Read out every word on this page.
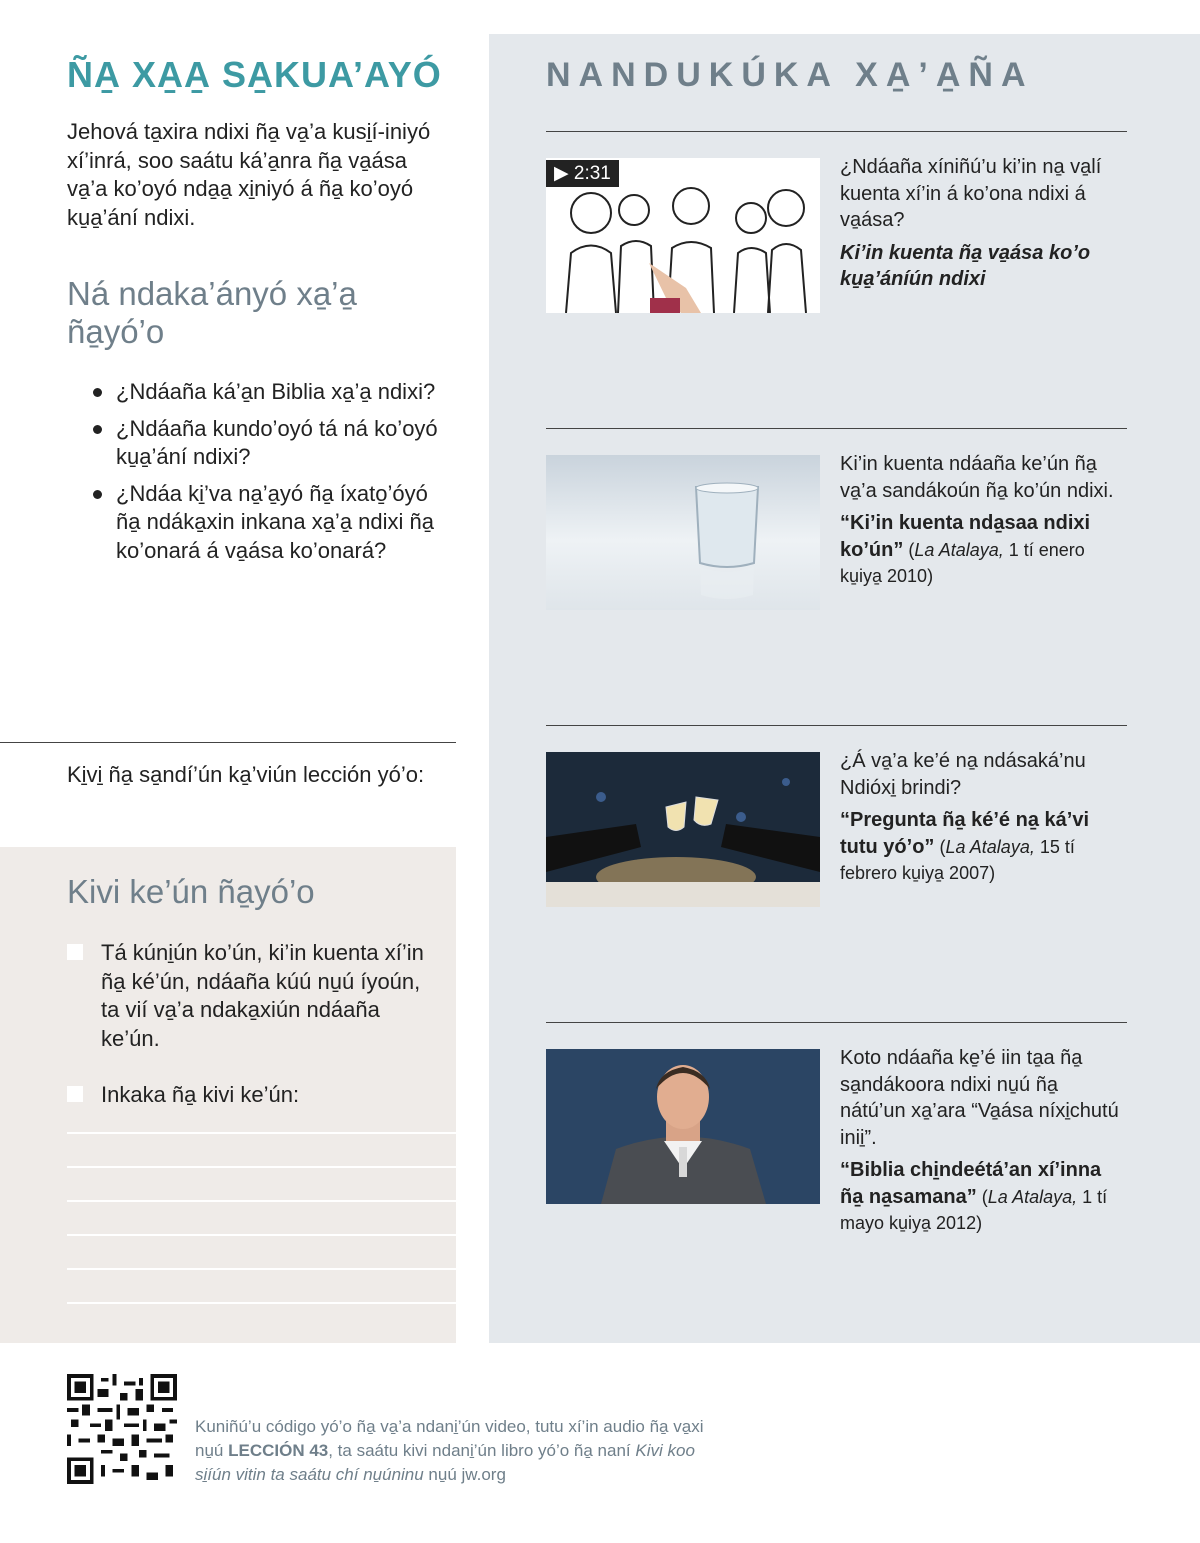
ÑA̱ XA̱A̱ SA̱KUA’AYÓ

Jehová ta̱xira ndixi ña̱ va̱’a kusi̱í-iniyó xí’inrá, soo saátu ká’a̱nra ña̱ va̱ása va̱’a ko’oyó nda̱a̱ xi̱niyó á ña̱ ko’oyó ku̱a̱’ání ndixi.

Ná ndaka’ányó xa̱’a̱ ña̱yó’o
¿Ndáaña ká’a̱n Biblia xa̱’a̱ ndixi?
¿Ndáaña kundo’oyó tá ná ko’oyó ku̱a̱’ání ndixi?
¿Ndáa ki̱’va na̱’a̱yó ña̱ íxato̱’óyó ña̱ ndáka̱xin inkana xa̱’a̱ ndixi ña̱ ko’onará á va̱ása ko’onará?

Ki̱vi̱ ña̱ sa̱ndí’ún ka̱’viún lección yó’o:

Kivi ke’ún ña̱yó’o
Tá kúni̱ún ko’ún, ki’in kuenta xí’in ña̱ ké’ún, ndáaña kúú nu̱ú íyoún, ta vií va̱’a ndaka̱xiún ndáaña ke’ún.
Inkaka ña̱ kivi ke’ún:
NANDUKÚKA XA̱’A̱ÑA
▶ 2:31	¿Ndáaña xíniñú’u ki’in na̱ va̱lí kuenta xí’in á ko’ona ndixi á va̱ása?

Ki’in kuenta ña̱ va̱ása ko’o ku̱a̱’áníún ndixi

Ki’in kuenta ndáaña ke’ún ña̱ va̱’a sandákoún ña̱ ko’ún ndixi.

“Ki’in kuenta nda̱saa ndixi ko’ún” (La Atalaya, 1 tí enero ku̱iya̱ 2010)

¿Á va̱’a ke’é na̱ ndásaká’nu Ndióxi̱ brindi?

“Pregunta ña̱ ké’é na̱ ká’vi tutu yó’o” (La Atalaya, 15 tí febrero ku̱iya̱ 2007)

Koto ndáaña ke̱’é iin ta̱a ña̱ sa̱ndákoora ndixi nu̱ú ña̱ nátú’un xa̱’ara “Va̱ása níxi̱chutú inii̱”.

“Biblia chi̱ndeétá’an xí’inna ña̱ na̱samana” (La Atalaya, 1 tí mayo ku̱iya̱ 2012)

Kuniñú’u código yó’o ña̱ va̱’a ndani̱’ún video, tutu xí’in audio ña̱ va̱xi nu̱ú LECCIÓN 43, ta saátu kivi ndani̱’ún libro yó’o ña̱ naní Kivi koo si̱íún vitin ta saátu chí nu̱úninu nu̱ú jw.org
